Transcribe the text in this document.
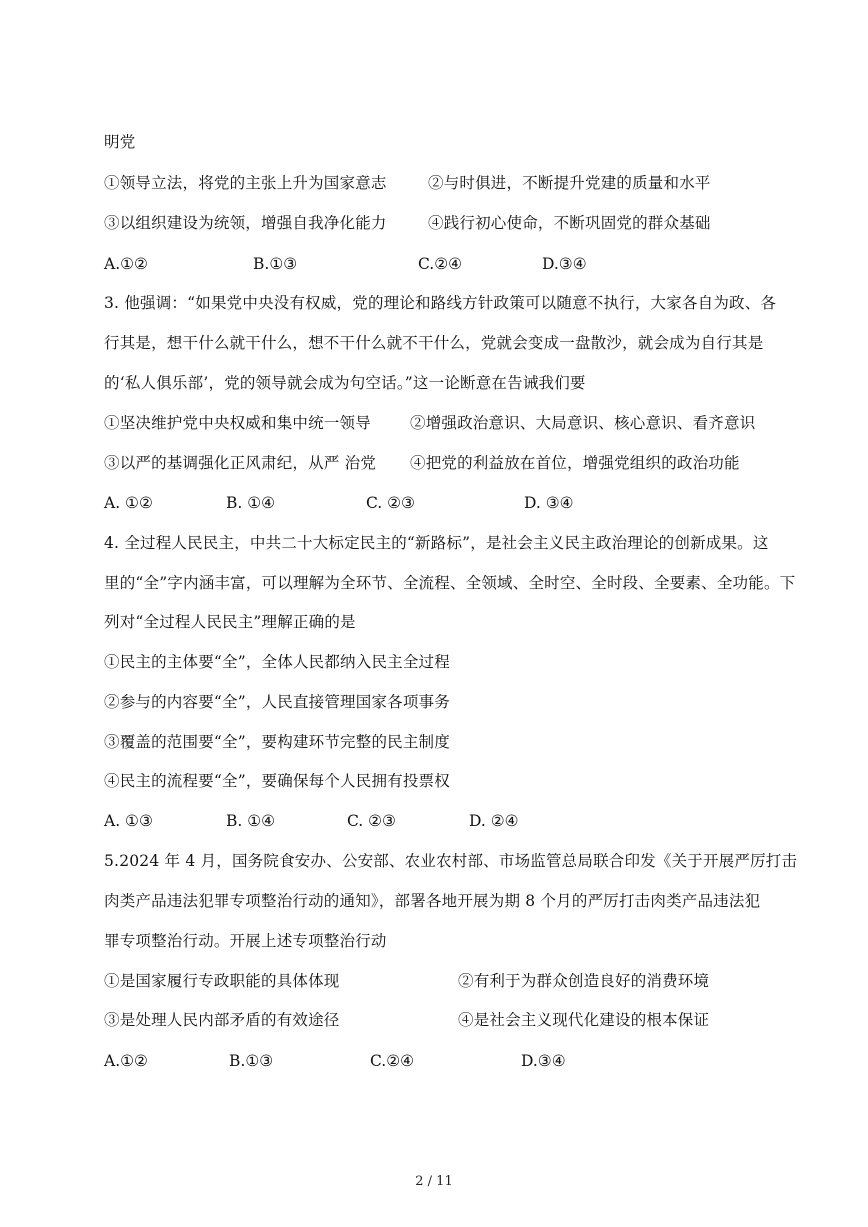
明党
①领导立法，将党的主张上升为国家意志	②与时俱进，不断提升党建的质量和水平
③以组织建设为统领，增强自我净化能力	④践行初心使命，不断巩固党的群众基础
A.①②	B.①③	C.②④	D.③④
3. 他强调：“如果党中央没有权威，党的理论和路线方针政策可以随意不执行，大家各自为政、各
行其是，想干什么就干什么，想不干什么就不干什么，党就会变成一盘散沙，就会成为自行其是
的‘私人俱乐部’，党的领导就会成为句空话。”这一论断意在告诫我们要
①坚决维护党中央权威和集中统一领导	②增强政治意识、大局意识、核心意识、看齐意识
③以严的基调强化正风肃纪，从严 治党 ④把党的利益放在首位，增强党组织的政治功能
A. ①②	B. ①④	C. ②③	D. ③④
4. 全过程人民民主，中共二十大标定民主的“新路标”，是社会主义民主政治理论的创新成果。这
里的“全”字内涵丰富，可以理解为全环节、全流程、全领域、全时空、全时段、全要素、全功能。下
列对“全过程人民民主”理解正确的是
①民主的主体要“全”，全体人民都纳入民主全过程
②参与的内容要“全”，人民直接管理国家各项事务
③覆盖的范围要“全”，要构建环节完整的民主制度
④民主的流程要“全”，要确保每个人民拥有投票权
A. ①③	B. ①④	C. ②③	D. ②④
5.2024 年 4 月，国务院食安办、公安部、农业农村部、市场监管总局联合印发《关于开展严厉打击
肉类产品违法犯罪专项整治行动的通知》，部署各地开展为期 8 个月的严厉打击肉类产品违法犯
罪专项整治行动。开展上述专项整治行动
①是国家履行专政职能的具体体现	②有利于为群众创造良好的消费环境
③是处理人民内部矛盾的有效途径	④是社会主义现代化建设的根本保证
A.①②	B.①③	C.②④	D.③④
2 / 11
